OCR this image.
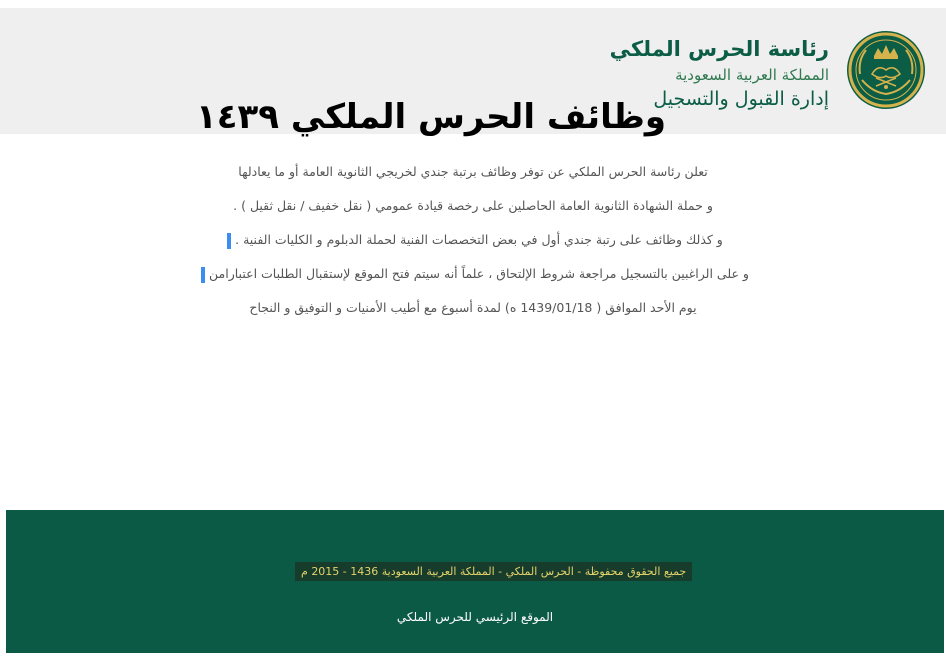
رئاسة الحرس الملكي
المملكة العربية السعودية
إدارة القبول والتسجيل
وظائف الحرس الملكي ١٤٣٩
تعلن رئاسة الحرس الملكي عن توفر وظائف برتبة جندي لخريجي الثانوية العامة أو ما يعادلها
و حملة الشهادة الثانوية العامة الحاصلين على رخصة قيادة عمومي ( نقل خفيف / نقل ثقيل ) .
و كذلك وظائف على رتبة جندي أول في بعض التخصصات الفنية لحملة الدبلوم و الكليات الفنية .
و على الراغبين بالتسجيل مراجعة شروط الإلتحاق ، علماً أنه سيتم فتح الموقع لإستقبال الطلبات اعتبارامن
يوم الأحد الموافق ( 1439/01/18 ه) لمدة أسبوع مع أطيب الأمنيات و التوفيق و النجاح
جميع الحقوق محفوظة - الحرس الملكي - المملكة العربية السعودية 1436 - 2015 م
الموقع الرئيسي للحرس الملكي
